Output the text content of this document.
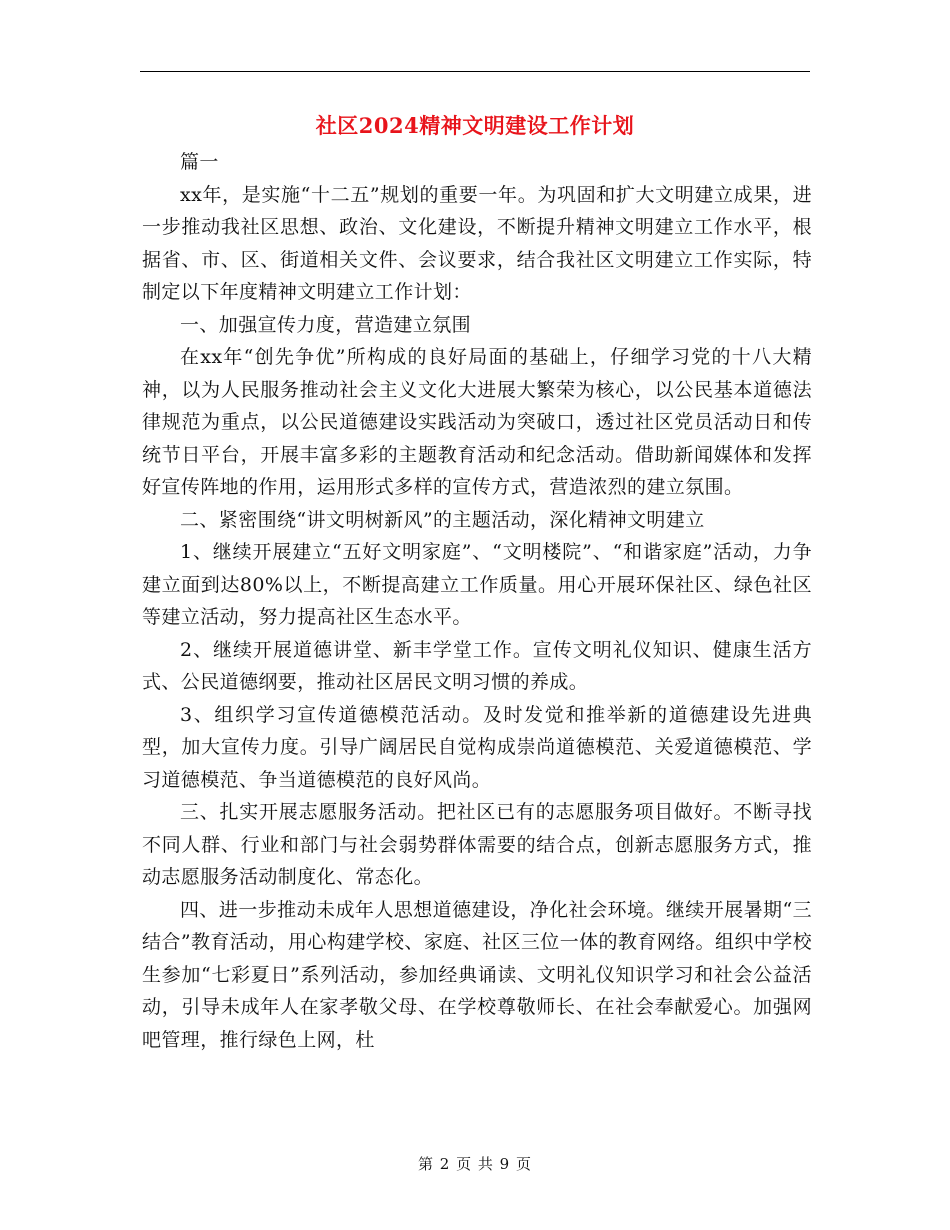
社区2024精神文明建设工作计划

篇一

xx年，是实施“十二五”规划的重要一年。为巩固和扩大文明建立成果，进一步推动我社区思想、政治、文化建设，不断提升精神文明建立工作水平，根据省、市、区、街道相关文件、会议要求，结合我社区文明建立工作实际，特制定以下年度精神文明建立工作计划：

一、加强宣传力度，营造建立氛围

在xx年“创先争优”所构成的良好局面的基础上，仔细学习党的十八大精神，以为人民服务推动社会主义文化大进展大繁荣为核心，以公民基本道德法律规范为重点，以公民道德建设实践活动为突破口，透过社区党员活动日和传统节日平台，开展丰富多彩的主题教育活动和纪念活动。借助新闻媒体和发挥好宣传阵地的作用，运用形式多样的宣传方式，营造浓烈的建立氛围。

二、紧密围绕“讲文明树新风”的主题活动，深化精神文明建立

1、继续开展建立“五好文明家庭”、“文明楼院”、“和谐家庭”活动，力争建立面到达80%以上，不断提高建立工作质量。用心开展环保社区、绿色社区等建立活动，努力提高社区生态水平。

2、继续开展道德讲堂、新丰学堂工作。宣传文明礼仪知识、健康生活方式、公民道德纲要，推动社区居民文明习惯的养成。

3、组织学习宣传道德模范活动。及时发觉和推举新的道德建设先进典型，加大宣传力度。引导广阔居民自觉构成崇尚道德模范、关爱道德模范、学习道德模范、争当道德模范的良好风尚。

三、扎实开展志愿服务活动。把社区已有的志愿服务项目做好。不断寻找不同人群、行业和部门与社会弱势群体需要的结合点，创新志愿服务方式，推动志愿服务活动制度化、常态化。

四、进一步推动未成年人思想道德建设，净化社会环境。继续开展暑期“三结合”教育活动，用心构建学校、家庭、社区三位一体的教育网络。组织中学校生参加“七彩夏日”系列活动，参加经典诵读、文明礼仪知识学习和社会公益活动，引导未成年人在家孝敬父母、在学校尊敬师长、在社会奉献爱心。加强网吧管理，推行绿色上网，杜

第 2 页 共 9 页
